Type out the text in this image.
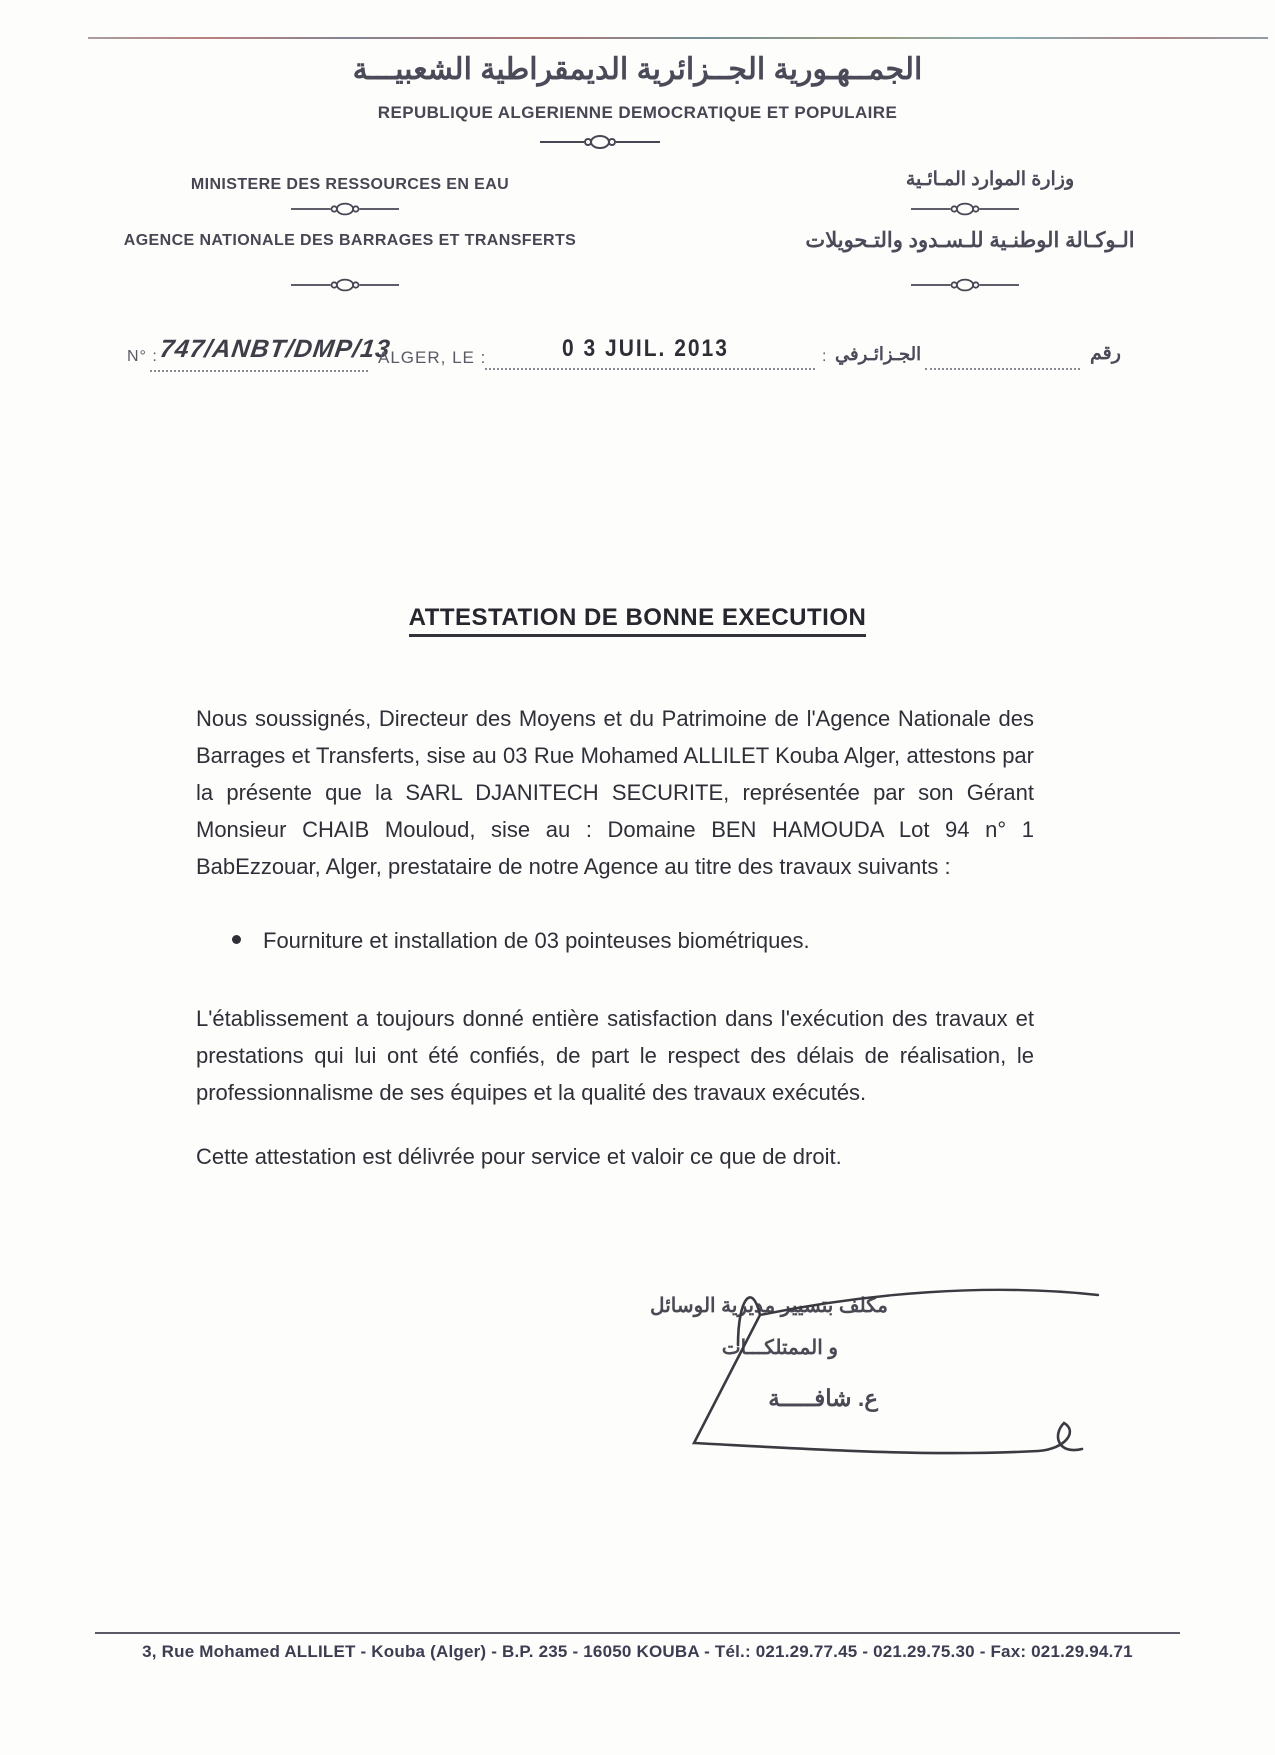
الجمــهـورية الجــزائرية الديمقراطية الشعبيـــة
REPUBLIQUE ALGERIENNE DEMOCRATIQUE ET POPULAIRE
MINISTERE DES RESSOURCES EN EAU	وزارة الموارد المـائـية
AGENCE NATIONALE DES BARRAGES ET TRANSFERTS	الـوكـالة الوطنـية للـسـدود والتـحويلات
N° : 747/ANBT/DMP/13
ALGER, LE :	0 3 JUIL. 2013	: الجـزائـرفي	رقم
ATTESTATION DE BONNE EXECUTION
Nous soussignés, Directeur des Moyens et du Patrimoine de l'Agence Nationale des Barrages et Transferts, sise au 03 Rue Mohamed ALLILET Kouba Alger, attestons par la présente que la SARL DJANITECH SECURITE, représentée par son Gérant Monsieur CHAIB Mouloud, sise au : Domaine BEN HAMOUDA Lot 94 n° 1 BabEzzouar, Alger, prestataire de notre Agence au titre des travaux suivants :
Fourniture et installation de 03 pointeuses biométriques.
L'établissement a toujours donné entière satisfaction dans l'exécution des travaux et prestations qui lui ont été confiés, de part le respect des délais de réalisation, le professionnalisme de ses équipes et la qualité des travaux exécutés.
Cette attestation est délivrée pour service et valoir ce que de droit.
مكلف بتسيير مديرية الوسائل
و الممتلكـــات
ع. شافـــــة
3, Rue Mohamed ALLILET - Kouba (Alger) - B.P. 235 - 16050 KOUBA - Tél.: 021.29.77.45 - 021.29.75.30 - Fax: 021.29.94.71
